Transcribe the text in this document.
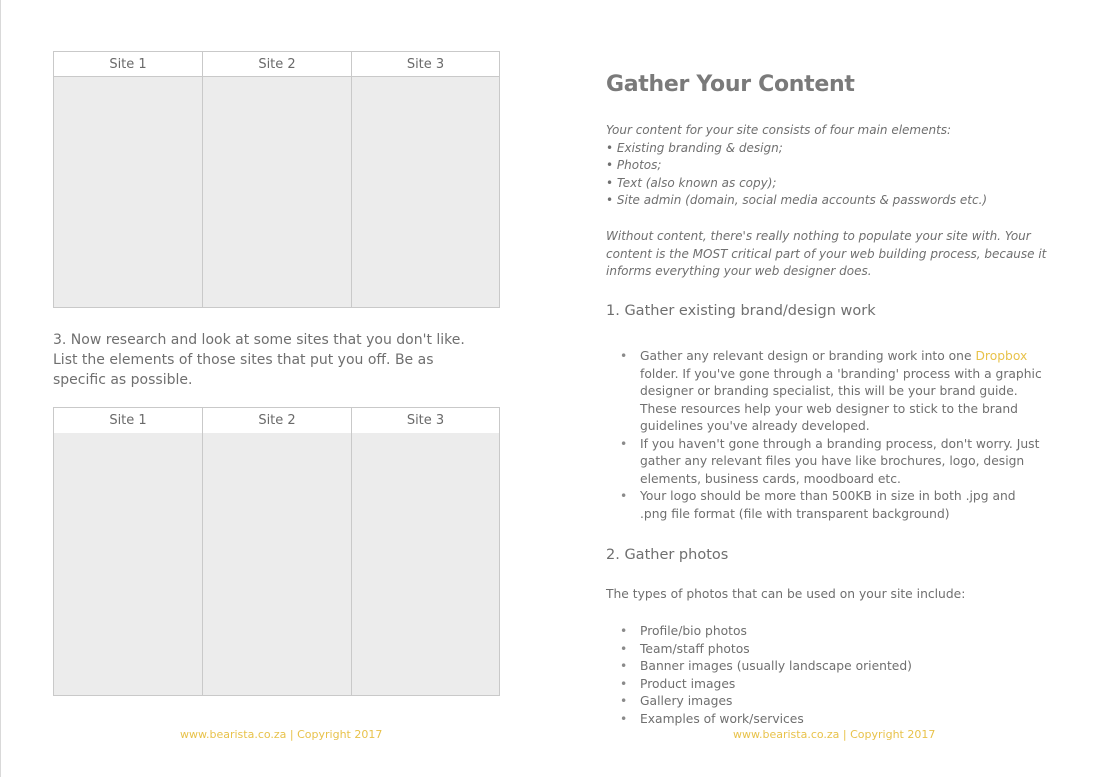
Site 1	Site 2	Site 3

3. Now research and look at some sites that you don't like. List the elements of those sites that put you off. Be as specific as possible.

Site 1	Site 2	Site 3
www.bearista.co.za | Copyright 2017
Gather Your Content

Your content for your site consists of four main elements:
• Existing branding & design;
• Photos;
• Text (also known as copy);
• Site admin (domain, social media accounts & passwords etc.)

Without content, there's really nothing to populate your site with. Your content is the MOST critical part of your web building process, because it informs everything your web designer does.

1. Gather existing brand/design work
• Gather any relevant design or branding work into one Dropbox folder. If you've gone through a 'branding' process with a graphic designer or branding specialist, this will be your brand guide. These resources help your web designer to stick to the brand guidelines you've already developed.
• If you haven't gone through a branding process, don't worry. Just gather any relevant files you have like brochures, logo, design elements, business cards, moodboard etc.
• Your logo should be more than 500KB in size in both .jpg and .png file format (file with transparent background)
2. Gather photos

The types of photos that can be used on your site include:

• Profile/bio photos
• Team/staff photos
• Banner images (usually landscape oriented)
• Product images
• Gallery images
• Examples of work/services
www.bearista.co.za | Copyright 2017
